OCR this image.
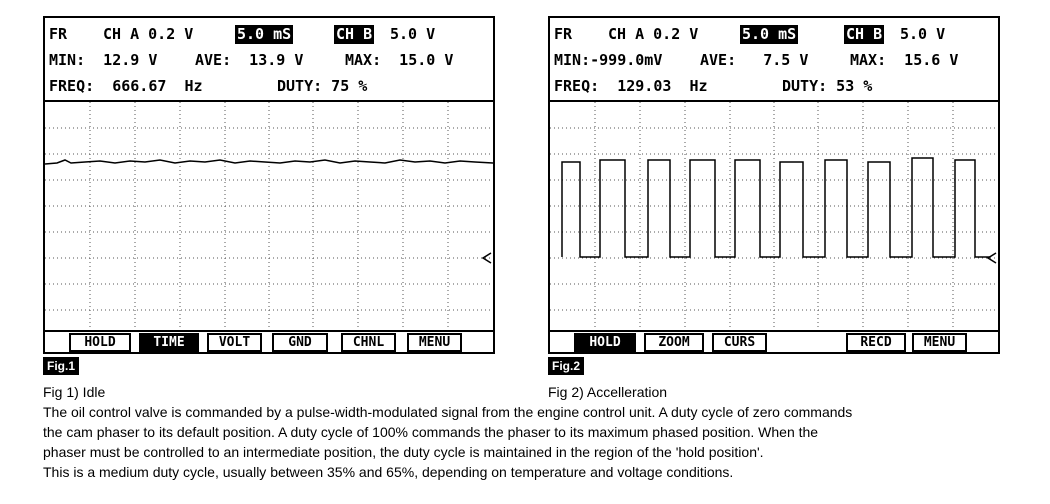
FR

CH A 0.2 V

	5.0 mS

	CH B

5.0 V

MIN:  12.9 V

	AVE:  13.9 V

	MAX:  15.0 V

FREQ:  666.67  Hz

	DUTY: 75 %

HOLD	TIME	VOLT	GND	CHNL	MENU
Fig.1
Fig 1) Idle

FR

CH A 0.2 V

	5.0 mS

	CH B

5.0 V

MIN:-999.0mV

	AVE:   7.5 V

	MAX:  15.6 V

FREQ:  129.03  Hz

	DUTY: 53 %

HOLD	ZOOM	CURS	RECD	MENU
Fig.2
Fig 2) Accelleration

The oil control valve is commanded by a pulse-width-modulated signal from the engine control unit. A duty cycle of zero commands

the cam phaser to its default position. A duty cycle of 100% commands the phaser to its maximum phased position. When the

phaser must be controlled to an intermediate position, the duty cycle is maintained in the region of the 'hold position'.

This is a medium duty cycle, usually between 35% and 65%, depending on temperature and voltage conditions.
